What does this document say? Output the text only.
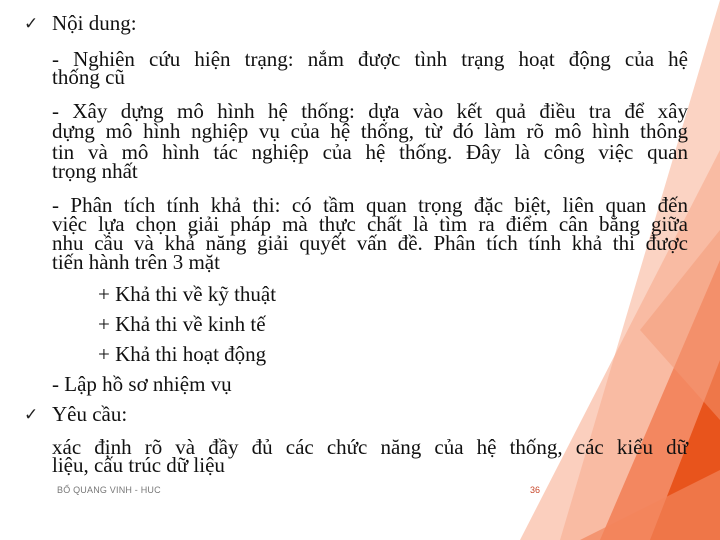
✓ Nội dung:
- Nghiên cứu hiện trạng: nắm được tình trạng hoạt động của hệ
thống cũ
- Xây dựng mô hình hệ thống: dựa vào kết quả điều tra để xây
dựng mô hình nghiệp vụ của hệ thống, từ đó làm rõ mô hình thông
tin và mô hình tác nghiệp của hệ thống. Đây là công việc quan
trọng nhất
- Phân tích tính khả thi: có tầm quan trọng đặc biệt, liên quan đến
việc lựa chọn giải pháp mà thực chất là tìm ra điểm cân bằng giữa
nhu cầu và khả năng giải quyết vấn đề. Phân tích tính khả thi được
tiến hành trên 3 mặt
+ Khả thi về kỹ thuật
+ Khả thi về kinh tế
+ Khả thi hoạt động
- Lập hồ sơ nhiệm vụ
✓ Yêu cầu:
xác định rõ và đầy đủ các chức năng của hệ thống, các kiểu dữ
liệu, cấu trúc dữ liệu
BỔ QUANG VINH - HUC	36
